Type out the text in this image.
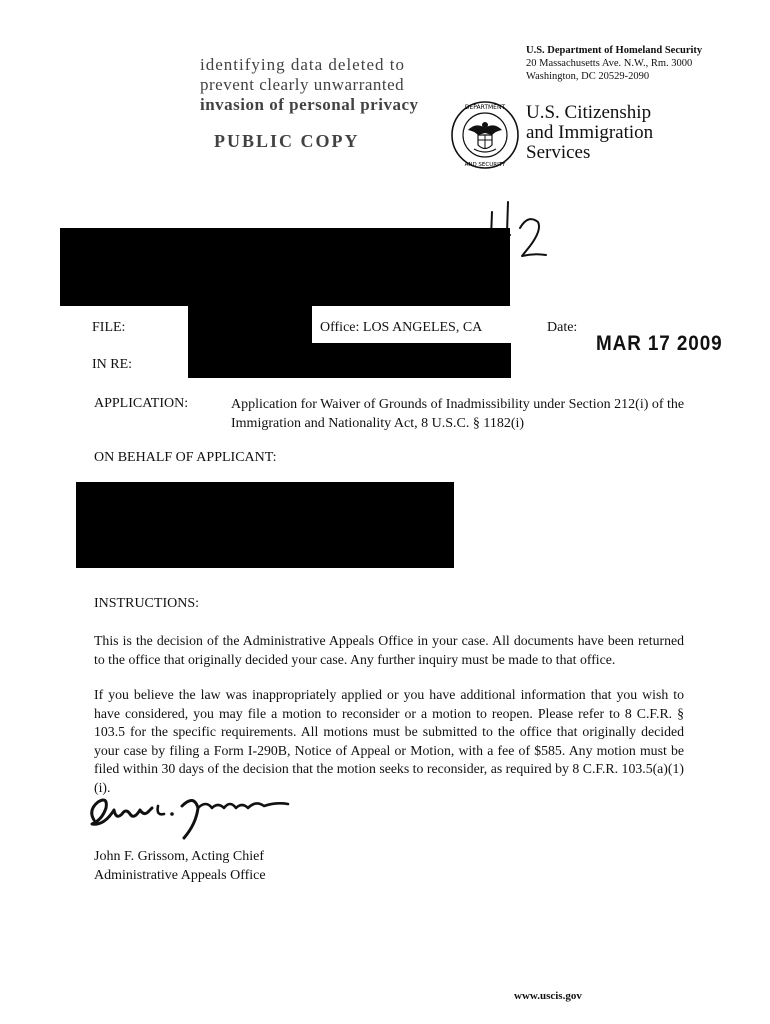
identifying data deleted to
prevent clearly unwarranted
invasion of personal privacy
PUBLIC COPY
U.S. Department of Homeland Security
20 Massachusetts Ave. N.W., Rm. 3000
Washington, DC 20529-2090
DEPARTMENT
AND SECURITY
U.S. Citizenship
and Immigration
Services
FILE:	Office: LOS ANGELES, CA	Date:
MAR 17 2009
IN RE:
APPLICATION:	Application for Waiver of Grounds of Inadmissibility under Section 212(i) of the
Immigration and Nationality Act, 8 U.S.C. § 1182(i)
ON BEHALF OF APPLICANT:
INSTRUCTIONS:
This is the decision of the Administrative Appeals Office in your case. All documents have been returned to the office that originally decided your case. Any further inquiry must be made to that office.
If you believe the law was inappropriately applied or you have additional information that you wish to have considered, you may file a motion to reconsider or a motion to reopen. Please refer to 8 C.F.R. § 103.5 for the specific requirements. All motions must be submitted to the office that originally decided your case by filing a Form I-290B, Notice of Appeal or Motion, with a fee of $585. Any motion must be filed within 30 days of the decision that the motion seeks to reconsider, as required by 8 C.F.R. 103.5(a)(1)(i).
John F. Grissom, Acting Chief
Administrative Appeals Office
www.uscis.gov
